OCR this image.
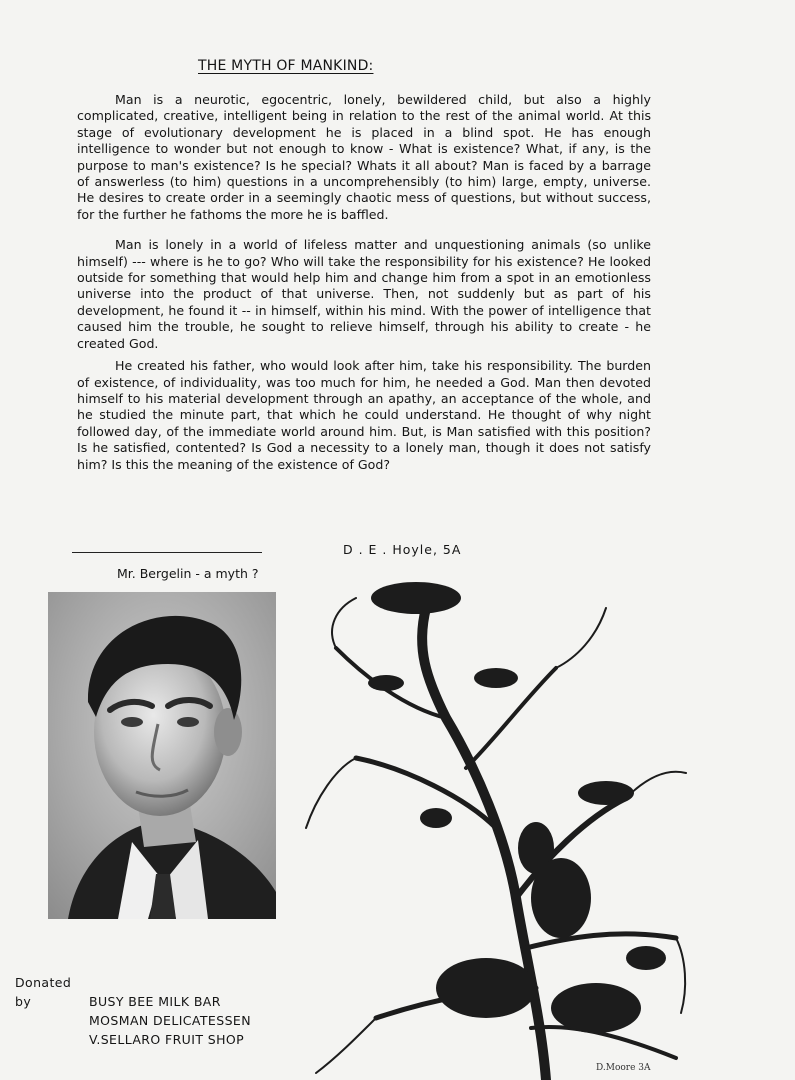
THE MYTH OF MANKIND:

Man is a neurotic, egocentric, lonely, bewildered child, but also a highly complicated, creative, intelligent being in relation to the rest of the animal world. At this stage of evolutionary development he is placed in a blind spot. He has enough intelligence to wonder but not enough to know - What is existence? What, if any, is the purpose to man's existence? Is he special? Whats it all about? Man is faced by a barrage of answerless (to him) questions in a uncomprehensibly (to him) large, empty, universe. He desires to create order in a seemingly chaotic mess of questions, but without success, for the further he fathoms the more he is baffled.

Man is lonely in a world of lifeless matter and unquestioning animals (so unlike himself) --- where is he to go? Who will take the responsibility for his existence? He looked outside for something that would help him and change him from a spot in an emotionless universe into the product of that universe. Then, not suddenly but as part of his development, he found it -- in himself, within his mind. With the power of intelligence that caused him the trouble, he sought to relieve himself, through his ability to create - he created God.

He created his father, who would look after him, take his responsibility. The burden of existence, of individuality, was too much for him, he needed a God. Man then devoted himself to his material development through an apathy, an acceptance of the whole, and he studied the minute part, that which he could understand. He thought of why night followed day, of the immediate world around him. But, is Man satisfied with this position? Is he satisfied, contented? Is God a necessity to a lonely man, though it does not satisfy him? Is this the meaning of the existence of God?

D . E . Hoyle, 5A
Mr. Bergelin - a myth ?
D.Moore 3A
Donated by	BUSY BEE MILK BAR
MOSMAN DELICATESSEN
V.SELLARO FRUIT SHOP
